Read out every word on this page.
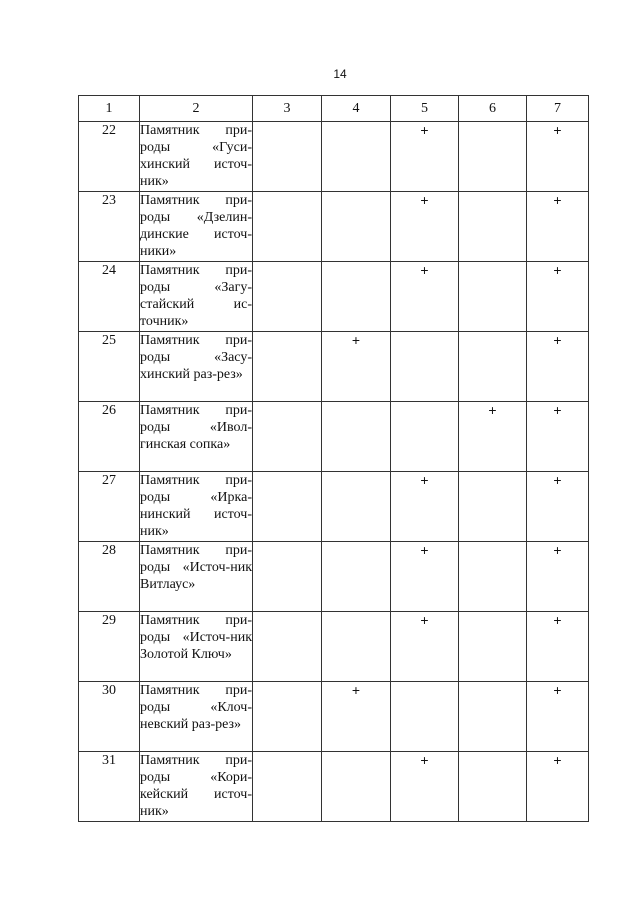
14
1	2	3	4	5	6	7
22	Памятник при-роды «Гуси-хинский источ-ник»			+		+
23	Памятник при-роды «Дзелин-динские источ-ники»			+		+
24	Памятник при-роды «Загу-стайский ис-точник»			+		+
25	Памятник при-роды «Засу-хинский раз-рез»		+			+
26	Памятник при-роды «Ивол-гинская сопка»				+	+
27	Памятник при-роды «Ирка-нинский источ-ник»			+		+
28	Памятник при-роды «Источ-ник Витлаус»			+		+
29	Памятник при-роды «Источ-ник Золотой Ключ»			+		+
30	Памятник при-роды «Клоч-невский раз-рез»		+			+
31	Памятник при-роды «Кори-кейский источ-ник»			+		+
